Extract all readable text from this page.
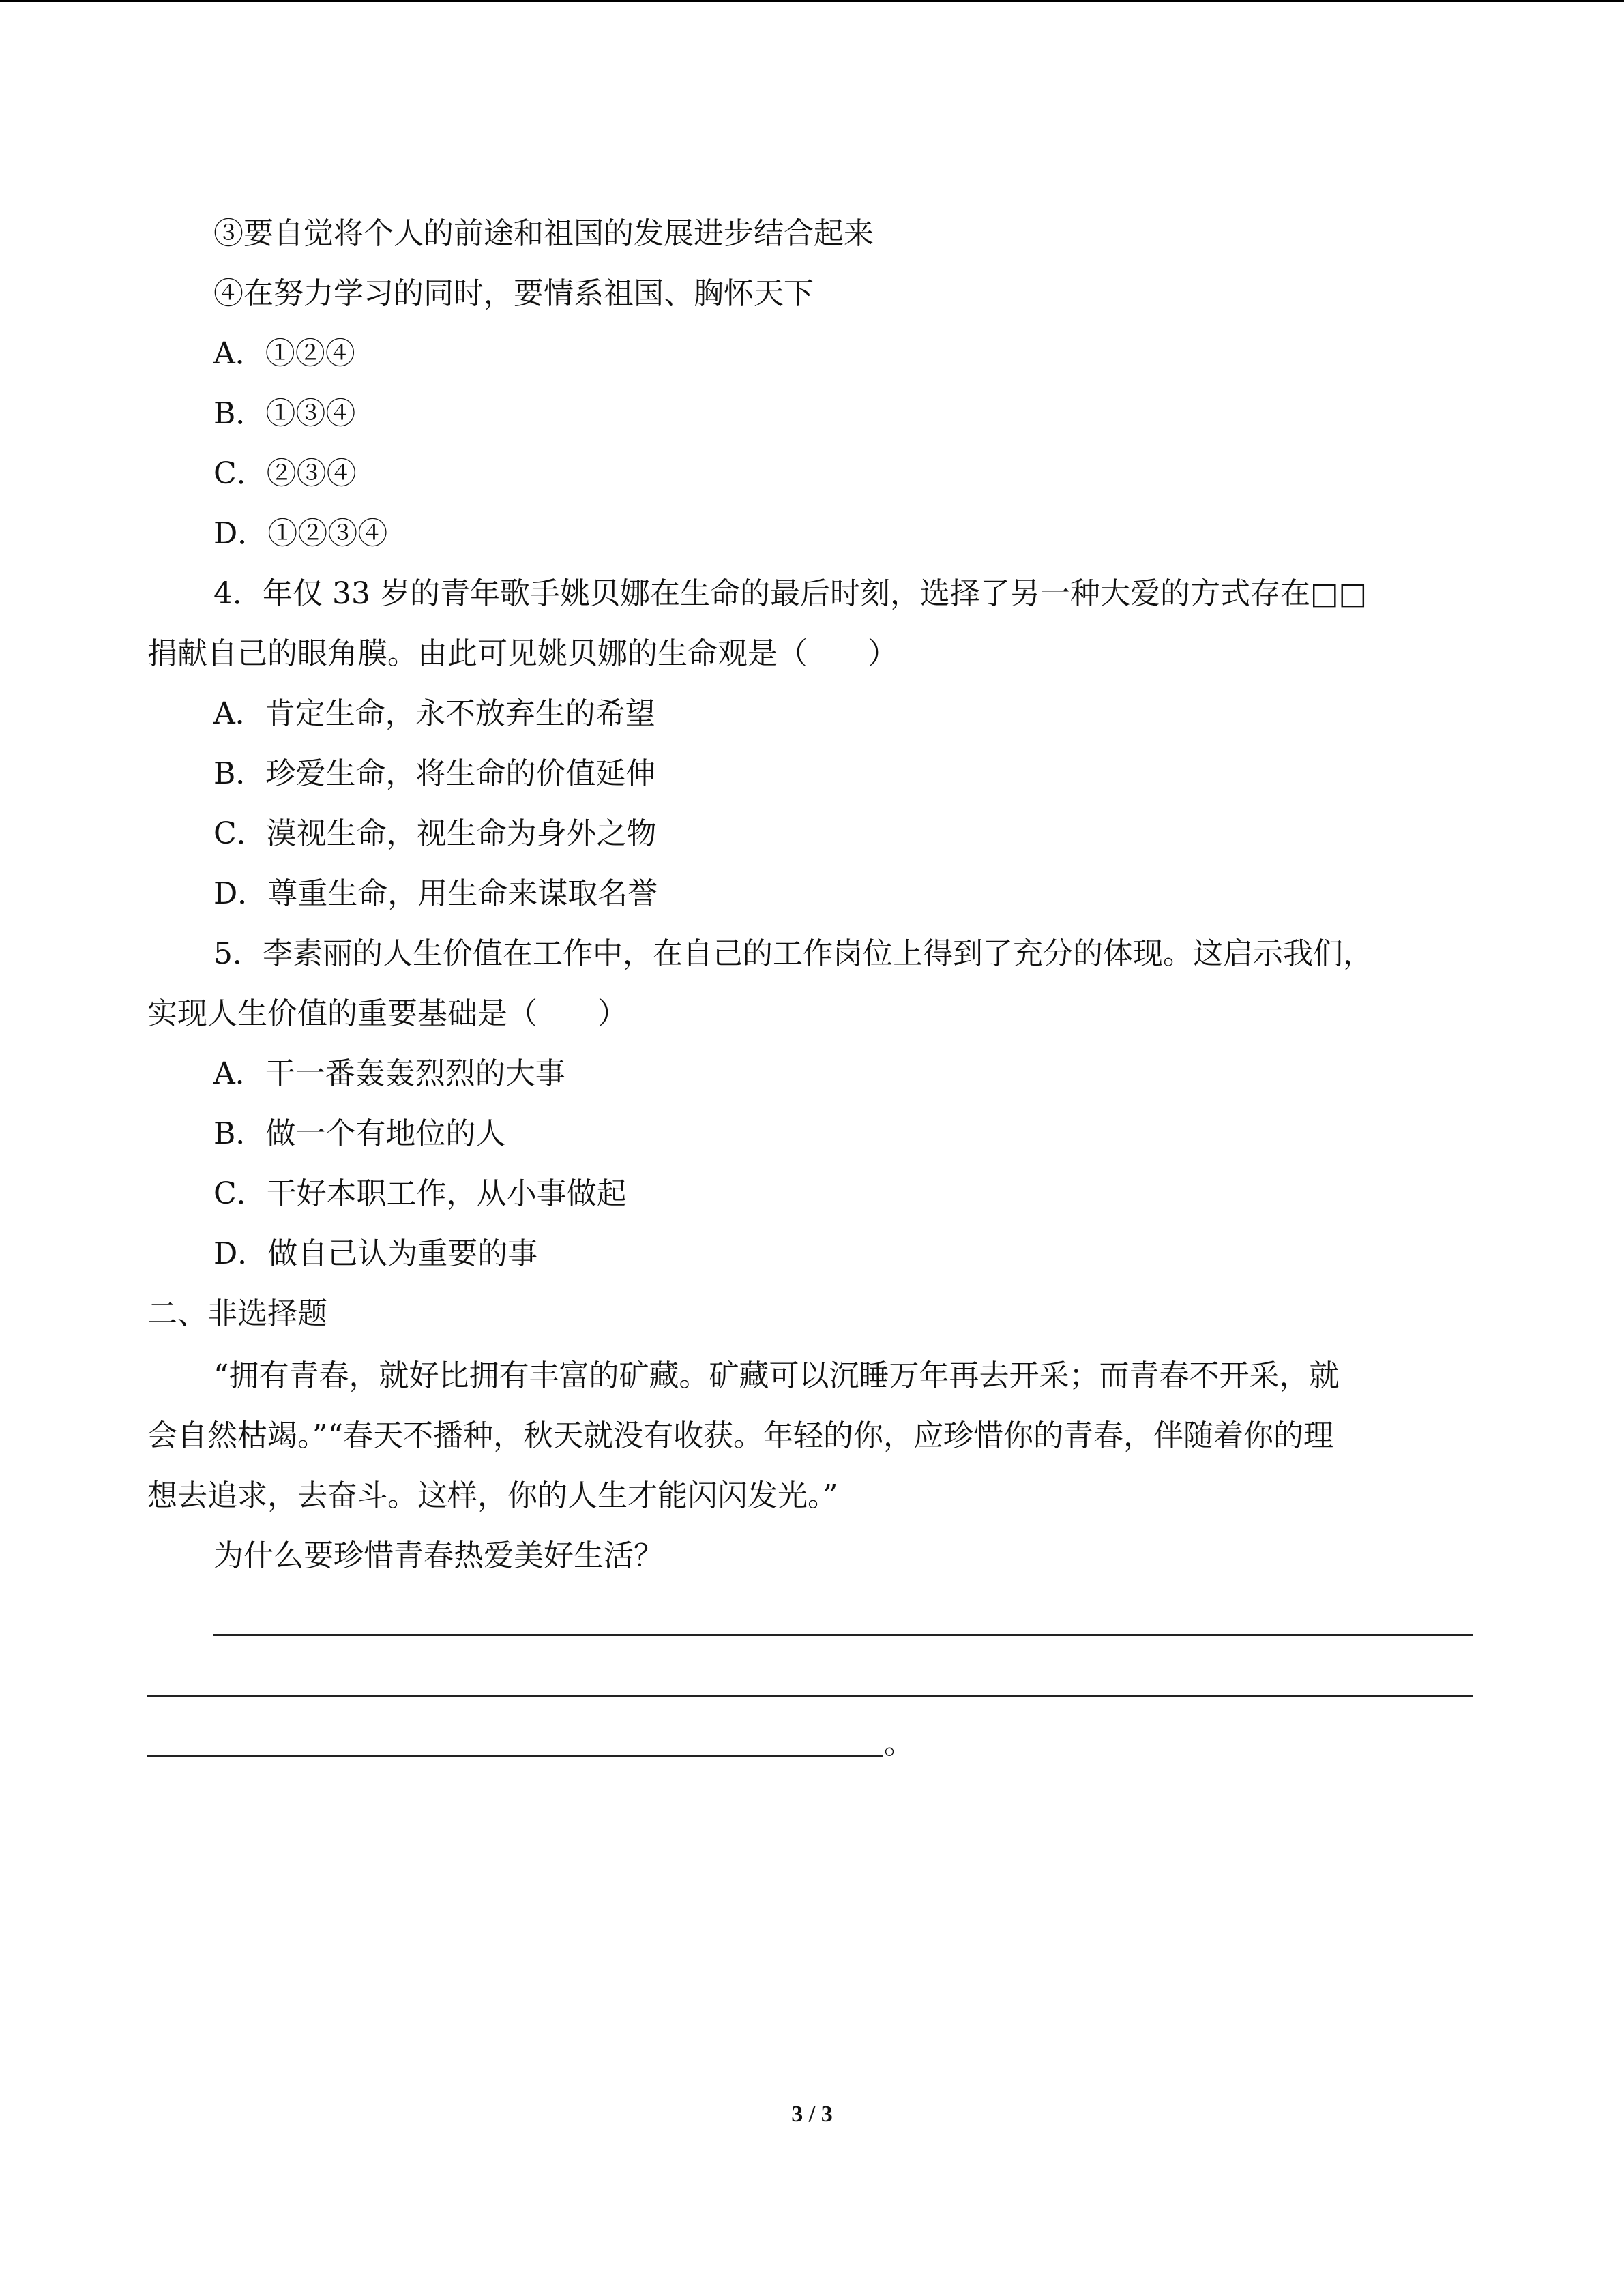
③要自觉将个人的前途和祖国的发展进步结合起来
④在努力学习的同时，要情系祖国、胸怀天下
A．①②④
B．①③④
C．②③④
D．①②③④
4．年仅 33 岁的青年歌手姚贝娜在生命的最后时刻，选择了另一种大爱的方式存在□□
捐献自己的眼角膜。由此可见姚贝娜的生命观是（　　）
A．肯定生命，永不放弃生的希望
B．珍爱生命，将生命的价值延伸
C．漠视生命，视生命为身外之物
D．尊重生命，用生命来谋取名誉
5．李素丽的人生价值在工作中，在自己的工作岗位上得到了充分的体现。这启示我们，
实现人生价值的重要基础是（　　）
A．干一番轰轰烈烈的大事
B．做一个有地位的人
C．干好本职工作，从小事做起
D．做自己认为重要的事
二、非选择题
“拥有青春，就好比拥有丰富的矿藏。矿藏可以沉睡万年再去开采；而青春不开采，就
会自然枯竭。”“春天不播种，秋天就没有收获。年轻的你，应珍惜你的青春，伴随着你的理
想去追求，去奋斗。这样，你的人生才能闪闪发光。”
为什么要珍惜青春热爱美好生活？
。
3 / 3
